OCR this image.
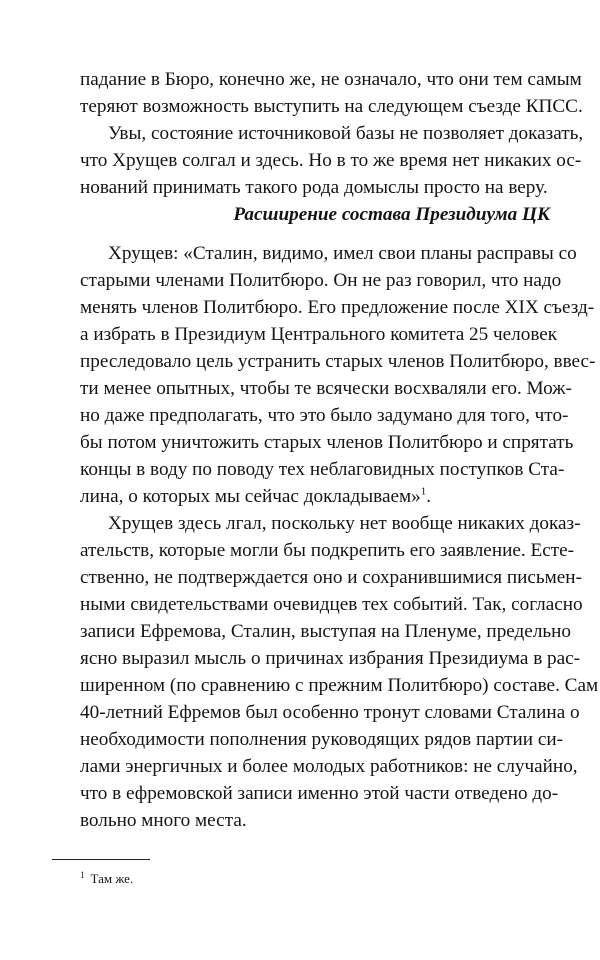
падание в Бюро, конечно же, не означало, что они тем самым
теряют возможность выступить на следующем съезде КПСС.
Увы, состояние источниковой базы не позволяет доказать,
что Хрущев солгал и здесь. Но в то же время нет никаких ос-
нований принимать такого рода домыслы просто на веру.
Расширение состава Президиума ЦК
Хрущев: «Сталин, видимо, имел свои планы расправы со
старыми членами Политбюро. Он не раз говорил, что надо
менять членов Политбюро. Его предложение после XIX съезд-
а избрать в Президиум Центрального комитета 25 человек
преследовало цель устранить старых членов Политбюро, ввес-
ти менее опытных, чтобы те всячески восхваляли его. Мож-
но даже предполагать, что это было задумано для того, что-
бы потом уничтожить старых членов Политбюро и спрятать
концы в воду по поводу тех неблаговидных поступков Ста-
лина, о которых мы сейчас докладываем»$^1$.
Хрущев здесь лгал, поскольку нет вообще никаких доказ-
ательств, которые могли бы подкрепить его заявление. Есте-
ственно, не подтверждается оно и сохранившимися письмен-
ными свидетельствами очевидцев тех событий. Так, согласно
записи Ефремова, Сталин, выступая на Пленуме, предельно
ясно выразил мысль о причинах избрания Президиума в рас-
ширенном (по сравнению с прежним Политбюро) составе. Сам
40-летний Ефремов был особенно тронут словами Сталина о
необходимости пополнения руководящих рядов партии си-
лами энергичных и более молодых работников: не случайно,
что в ефремовской записи именно этой части отведено до-
вольно много места.
$^1$ Там же.
